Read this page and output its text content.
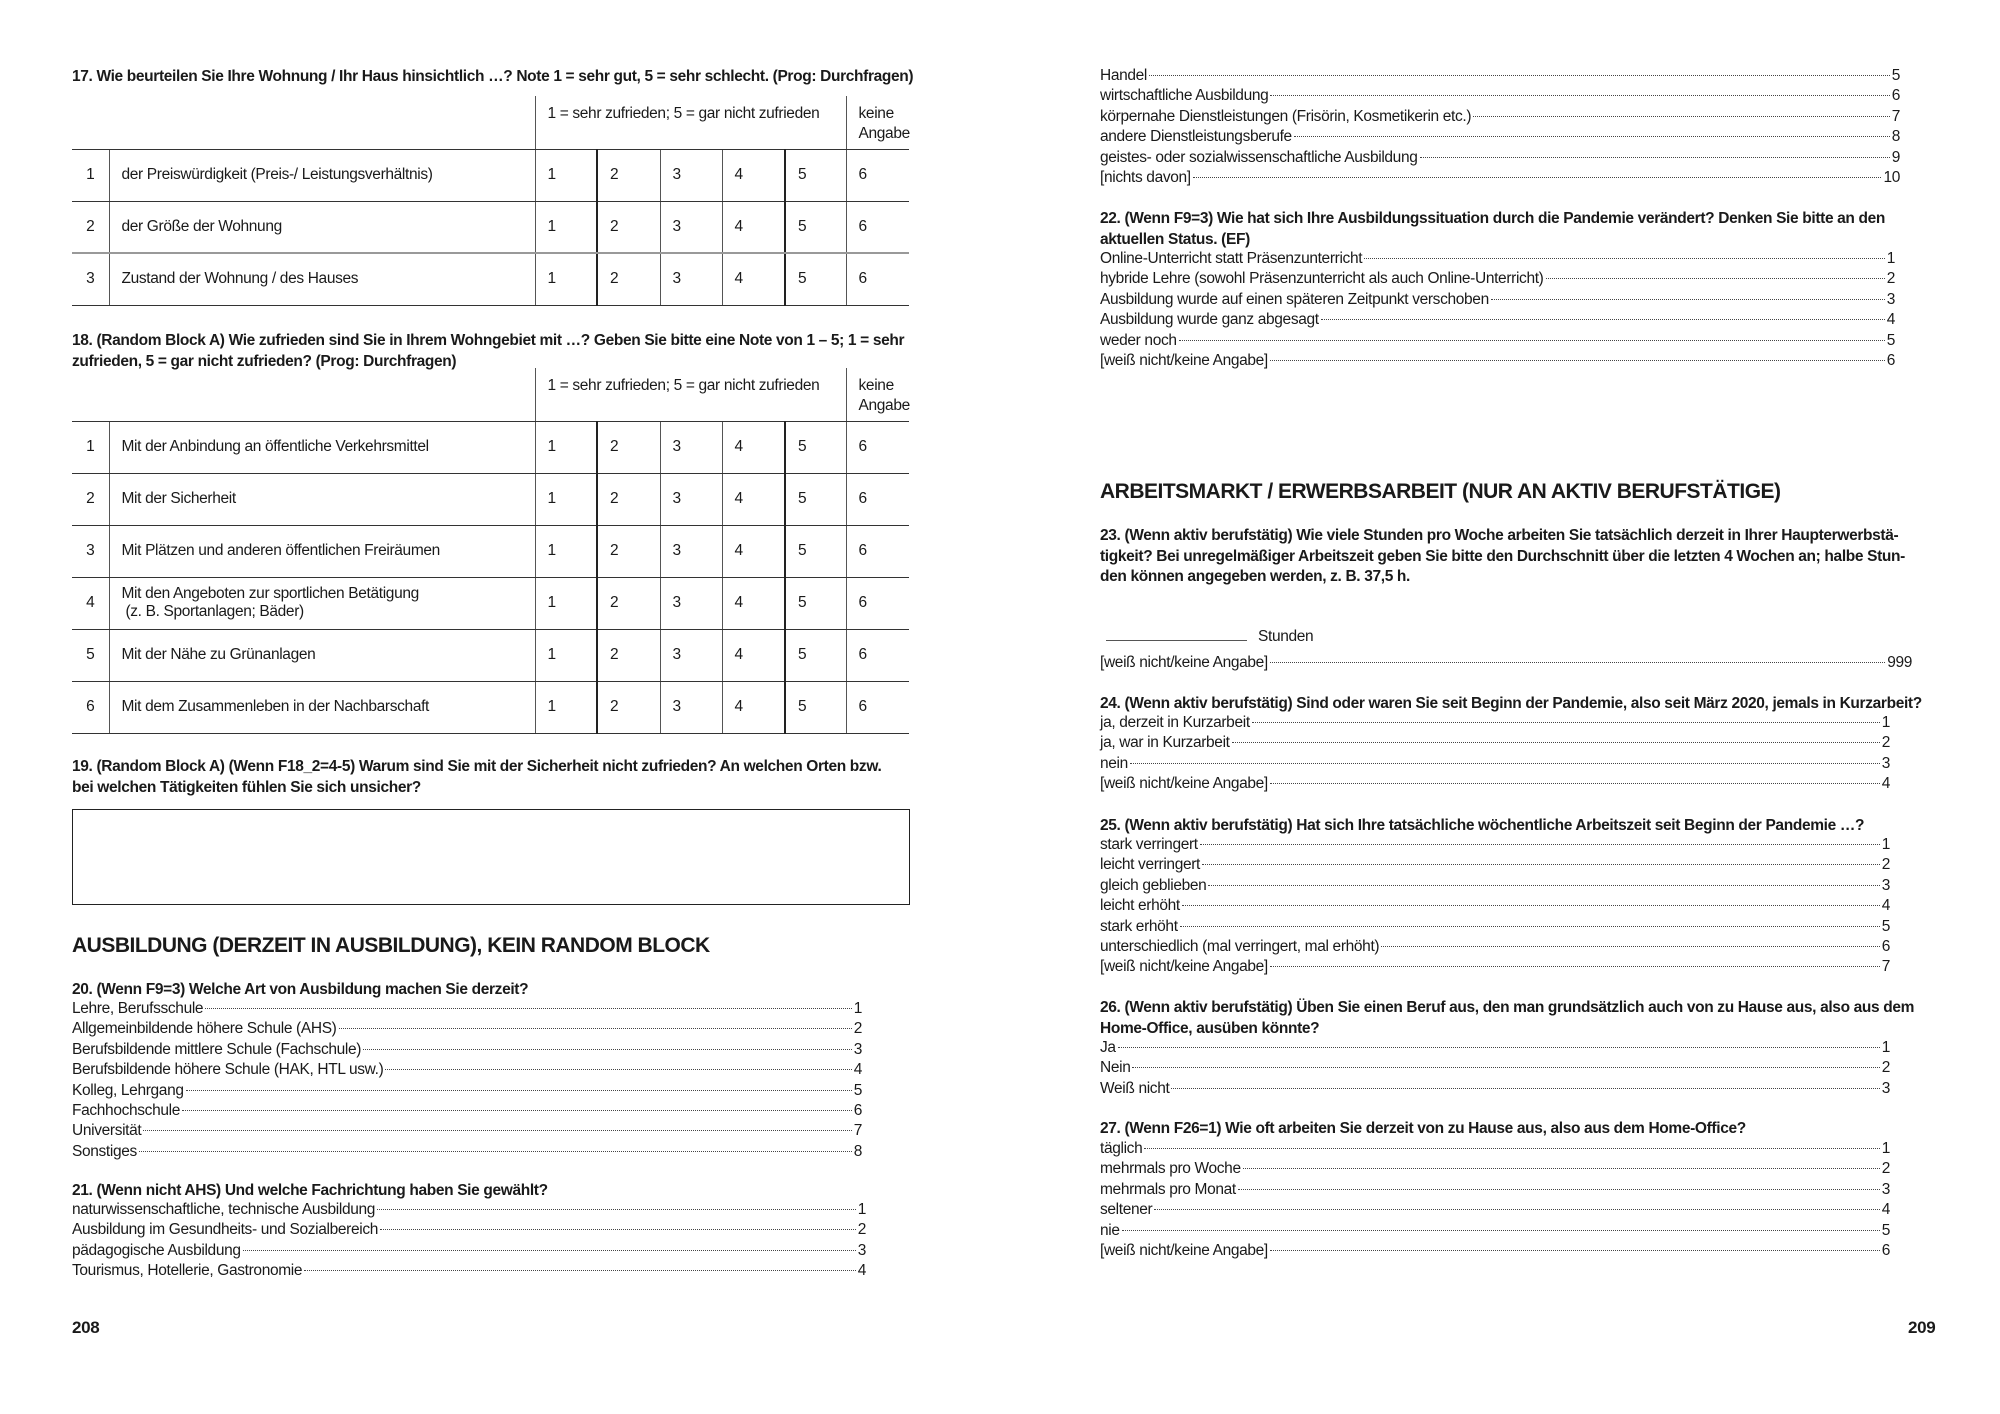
17. Wie beurteilen Sie Ihre Wohnung / Ihr Haus hinsichtlich …? Note 1 = sehr gut, 5 = sehr schlecht. (Prog: Durchfragen)
		1 = sehr zufrieden; 5 = gar nicht zufrieden					keine
Angabe

1	der Preiswürdigkeit (Preis-/ Leistungsverhältnis)	1	2	3	4	5	6
2	der Größe der Wohnung	1	2	3	4	5	6
3	Zustand der Wohnung / des Hauses	1	2	3	4	5	6
18. (Random Block A) Wie zufrieden sind Sie in Ihrem Wohngebiet mit …? Geben Sie bitte eine Note von 1 – 5; 1 = sehr
zufrieden, 5 = gar nicht zufrieden? (Prog: Durchfragen)
		1 = sehr zufrieden; 5 = gar nicht zufrieden					keine
Angabe

1	Mit der Anbindung an öffentliche Verkehrsmittel	1	2	3	4	5	6
2	Mit der Sicherheit	1	2	3	4	5	6
3	Mit Plätzen und anderen öffentlichen Freiräumen	1	2	3	4	5	6
4	Mit den Angeboten zur sportlichen Betätigung
(z. B. Sportanlagen; Bäder)	1	2	3	4	5	6
5	Mit der Nähe zu Grünanlagen	1	2	3	4	5	6
6	Mit dem Zusammenleben in der Nachbarschaft	1	2	3	4	5	6
19. (Random Block A) (Wenn F18_2=4-5) Warum sind Sie mit der Sicherheit nicht zufrieden? An welchen Orten bzw.
bei welchen Tätigkeiten fühlen Sie sich unsicher?
AUSBILDUNG (DERZEIT IN AUSBILDUNG), KEIN RANDOM BLOCK
20. (Wenn F9=3) Welche Art von Ausbildung machen Sie derzeit?
Lehre, Berufsschule	1
Allgemeinbildende höhere Schule (AHS)	2
Berufsbildende mittlere Schule (Fachschule)	3
Berufsbildende höhere Schule (HAK, HTL usw.)	4
Kolleg, Lehrgang	5
Fachhochschule	6
Universität	7
Sonstiges	8
21. (Wenn nicht AHS) Und welche Fachrichtung haben Sie gewählt?
naturwissenschaftliche, technische Ausbildung	1
Ausbildung im Gesundheits- und Sozialbereich	2
pädagogische Ausbildung	3
Tourismus, Hotellerie, Gastronomie	4
208
Handel	5
wirtschaftliche Ausbildung	6
körpernahe Dienstleistungen (Frisörin, Kosmetikerin etc.)	7
andere Dienstleistungsberufe	8
geistes- oder sozialwissenschaftliche Ausbildung	9
[nichts davon]	10
22. (Wenn F9=3) Wie hat sich Ihre Ausbildungssituation durch die Pandemie verändert? Denken Sie bitte an den
aktuellen Status. (EF)
Online-Unterricht statt Präsenzunterricht	1
hybride Lehre (sowohl Präsenzunterricht als auch Online-Unterricht)	2
Ausbildung wurde auf einen späteren Zeitpunkt verschoben	3
Ausbildung wurde ganz abgesagt	4
weder noch	5
[weiß nicht/keine Angabe]	6
ARBEITSMARKT / ERWERBSARBEIT (NUR AN AKTIV BERUFSTÄTIGE)
23. (Wenn aktiv berufstätig) Wie viele Stunden pro Woche arbeiten Sie tatsächlich derzeit in Ihrer Haupterwerbstä-
tigkeit? Bei unregelmäßiger Arbeitszeit geben Sie bitte den Durchschnitt über die letzten 4 Wochen an; halbe Stun-
den können angegeben werden, z. B. 37,5 h.
Stunden
[weiß nicht/keine Angabe]	999
24. (Wenn aktiv berufstätig) Sind oder waren Sie seit Beginn der Pandemie, also seit März 2020, jemals in Kurzarbeit?
ja, derzeit in Kurzarbeit	1
ja, war in Kurzarbeit	2
nein	3
[weiß nicht/keine Angabe]	4
25. (Wenn aktiv berufstätig) Hat sich Ihre tatsächliche wöchentliche Arbeitszeit seit Beginn der Pandemie …?
stark verringert	1
leicht verringert	2
gleich geblieben	3
leicht erhöht	4
stark erhöht	5
unterschiedlich (mal verringert, mal erhöht)	6
[weiß nicht/keine Angabe]	7
26. (Wenn aktiv berufstätig) Üben Sie einen Beruf aus, den man grundsätzlich auch von zu Hause aus, also aus dem
Home-Office, ausüben könnte?
Ja	1
Nein	2
Weiß nicht	3
27. (Wenn F26=1) Wie oft arbeiten Sie derzeit von zu Hause aus, also aus dem Home-Office?
täglich	1
mehrmals pro Woche	2
mehrmals pro Monat	3
seltener	4
nie	5
[weiß nicht/keine Angabe]	6
209
